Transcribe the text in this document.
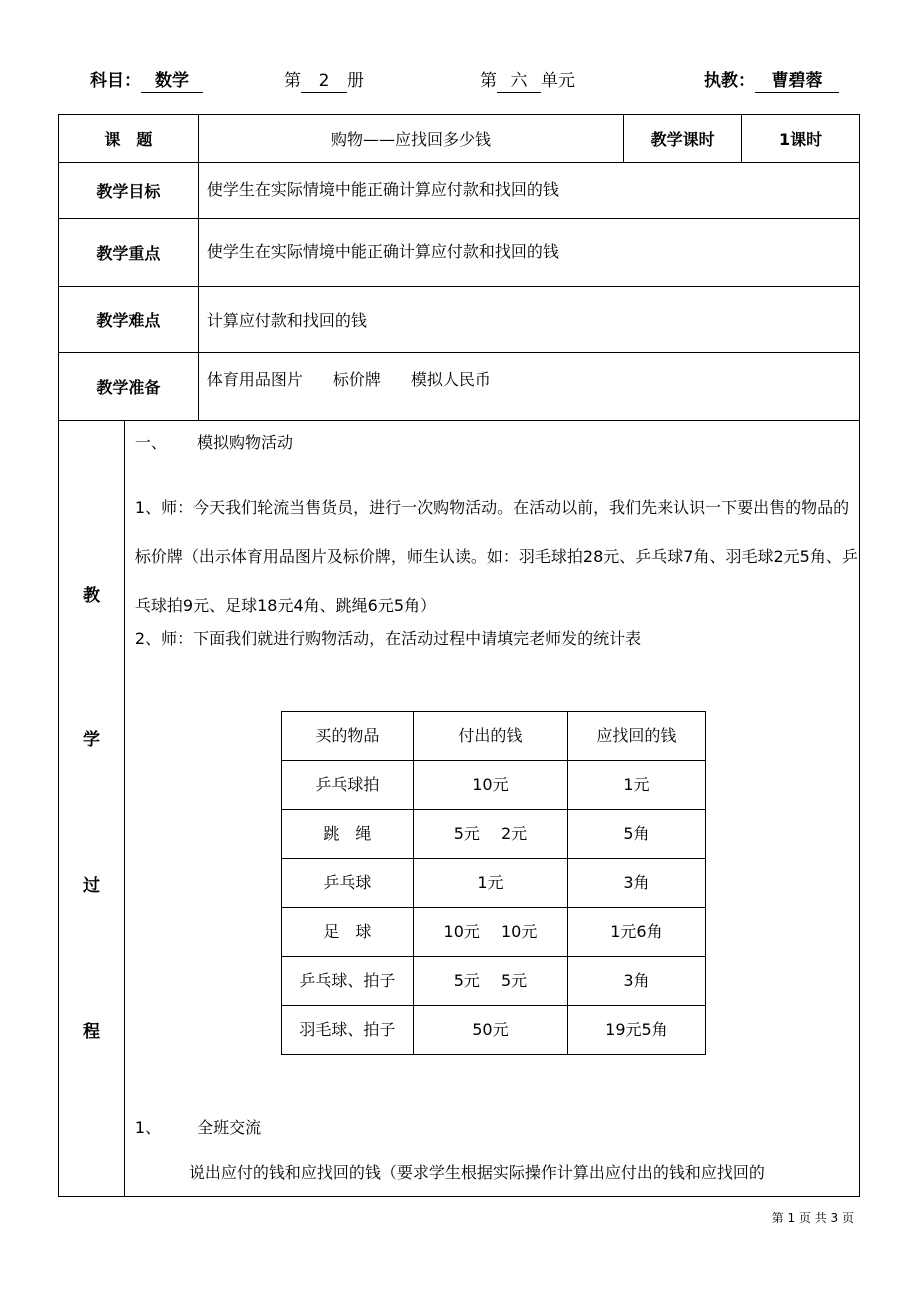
科目： 数学	第 2 册	第 六 单元	执教： 曹碧蓉
课　题	购物——应找回多少钱	教学课时	1课时
教学目标	使学生在实际情境中能正确计算应付款和找回的钱
教学重点	使学生在实际情境中能正确计算应付款和找回的钱
教学难点	计算应付款和找回的钱
教学准备	体育用品图片 标价牌 模拟人民币

教
学
过
程

一、 模拟购物活动

1、师：今天我们轮流当售货员，进行一次购物活动。在活动以前，我们先来认识一下要出售的物品的标价牌（出示体育用品图片及标价牌，师生认读。如：羽毛球拍28元、乒乓球7角、羽毛球2元5角、乒乓球拍9元、足球18元4角、跳绳6元5角）

2、师：下面我们就进行购物活动，在活动过程中请填完老师发的统计表

买的物品	付出的钱	应找回的钱
乒乓球拍	10元	1元
跳　绳	5元　 2元	5角
乒乓球	1元	3角
足　球	10元　 10元	1元6角
乒乓球、拍子	5元　 5元	3角
羽毛球、拍子	50元	19元5角
1、 全班交流

说出应付的钱和应找回的钱（要求学生根据实际操作计算出应付出的钱和应找回的

第 1 页 共 3 页
